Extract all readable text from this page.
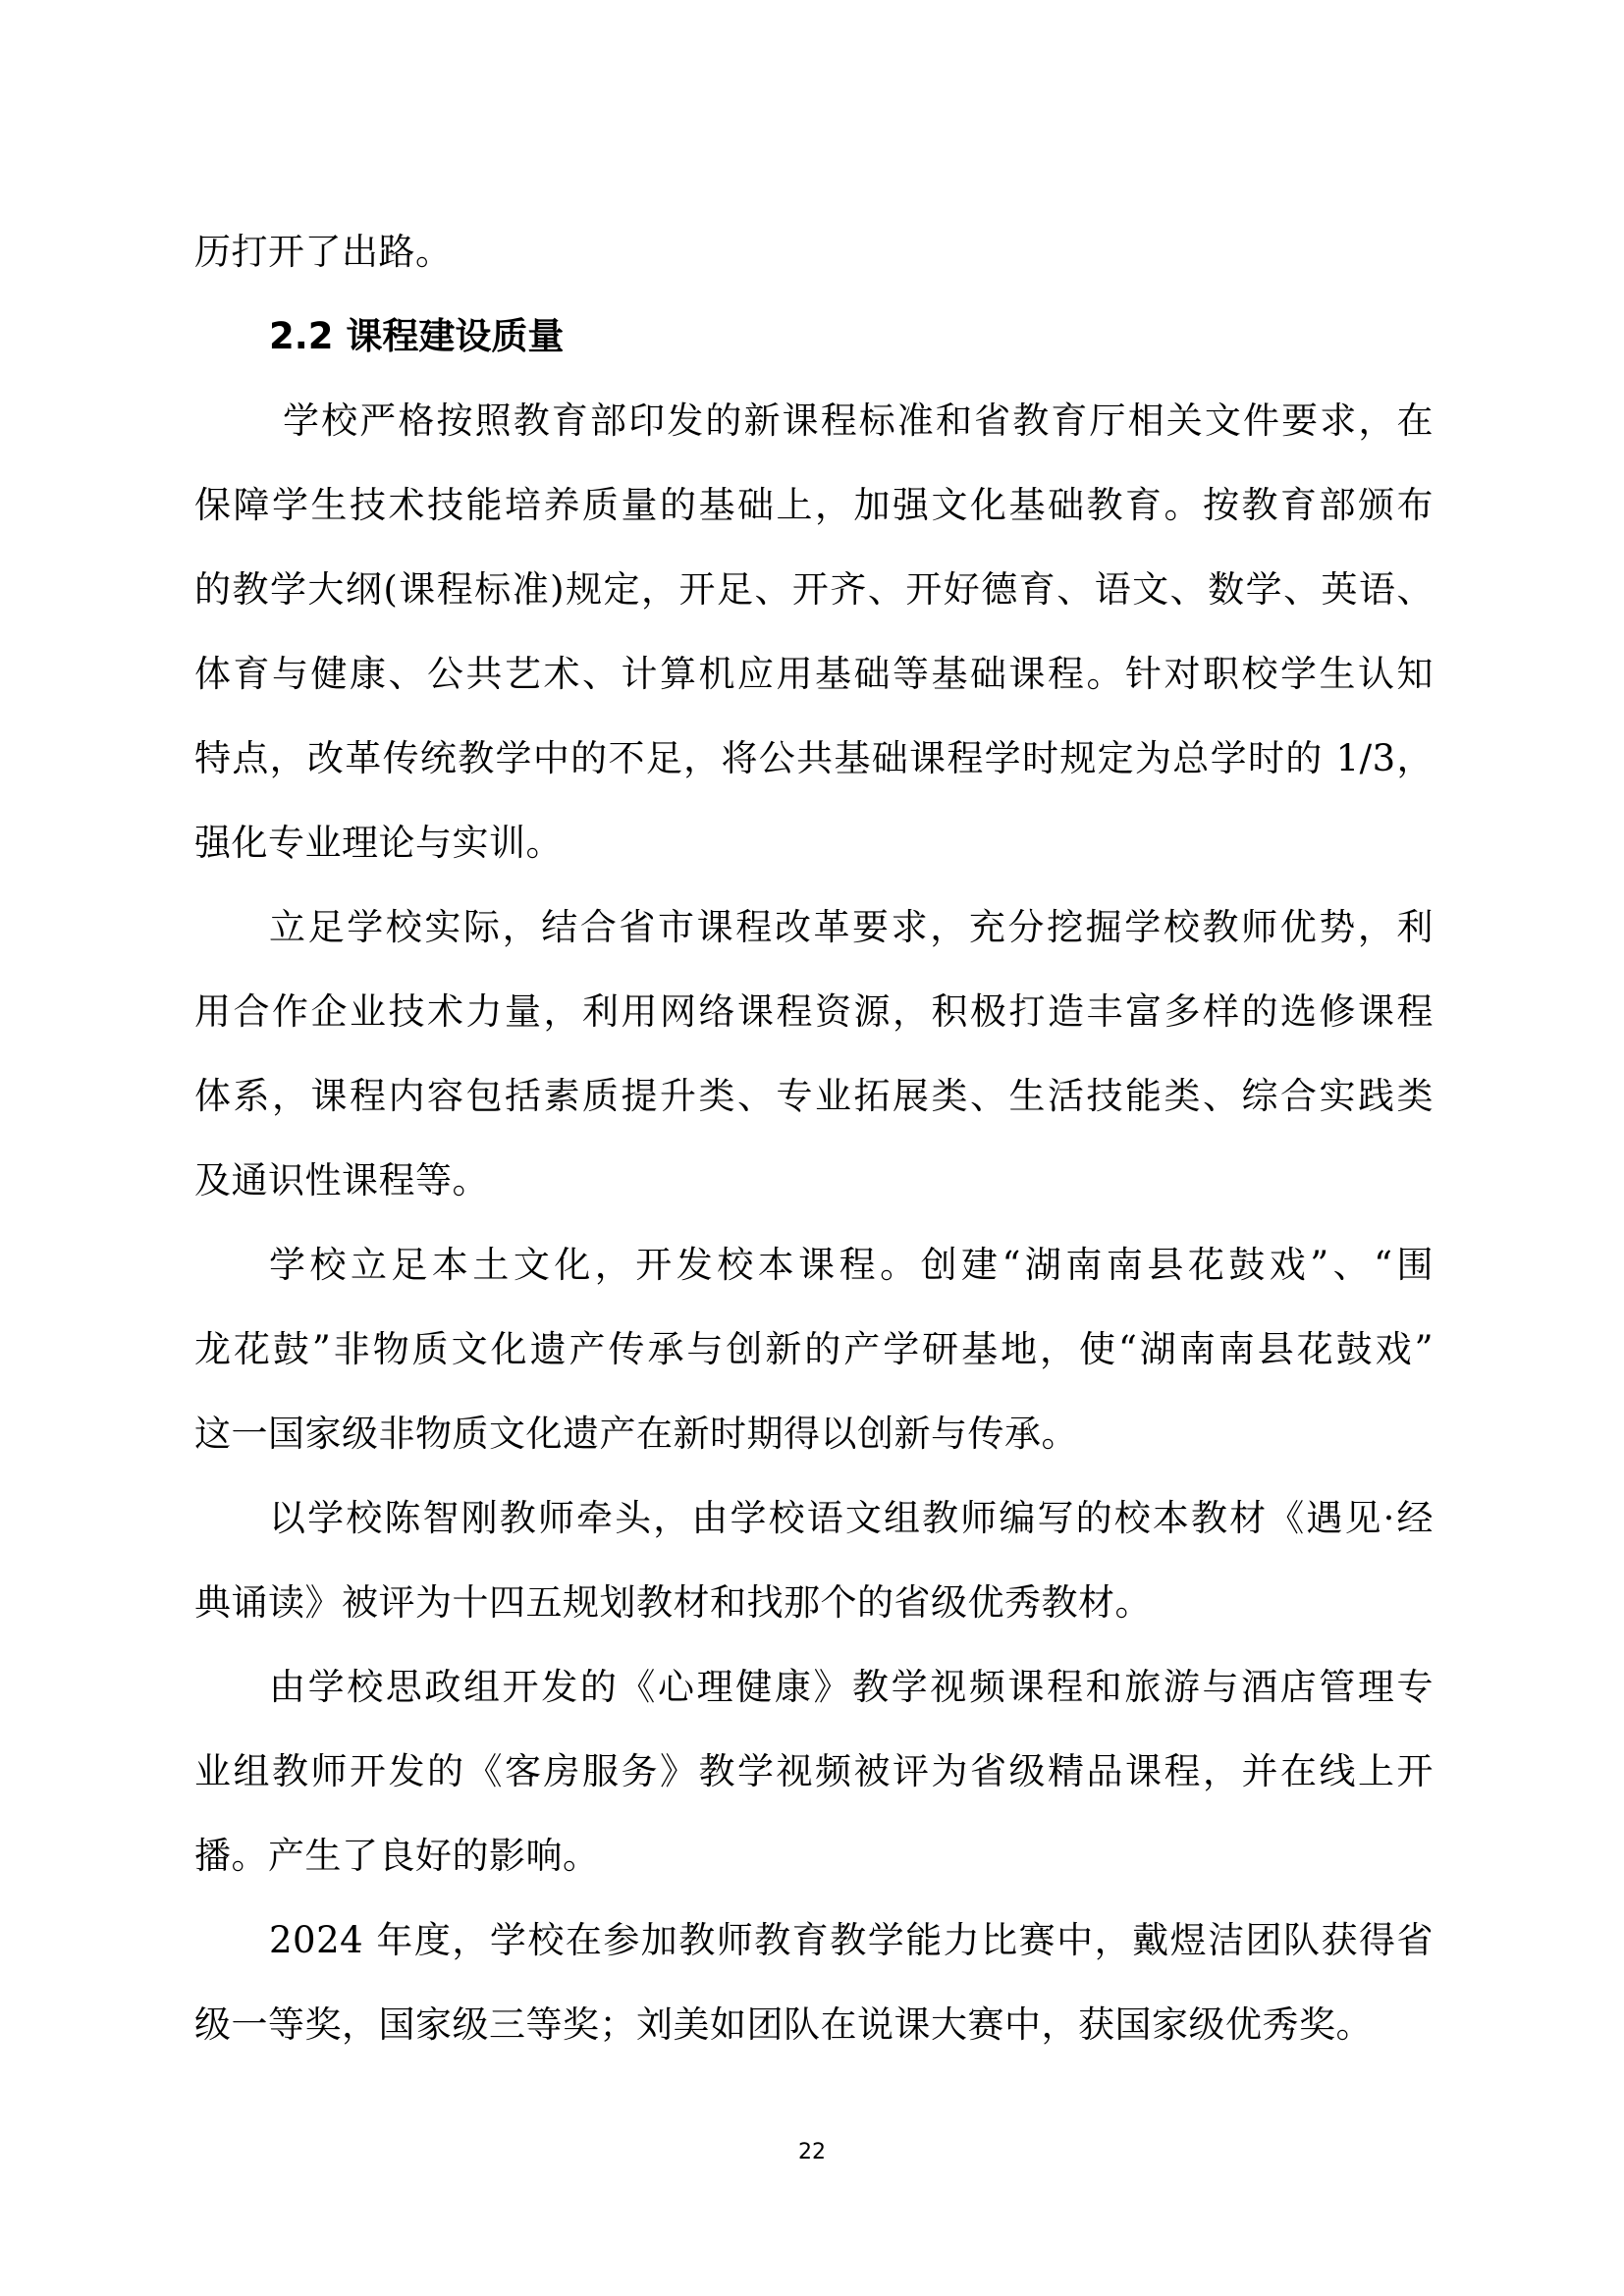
历打开了出路。
2.2 课程建设质量
学校严格按照教育部印发的新课程标准和省教育厅相关文件要求，在
保障学生技术技能培养质量的基础上，加强文化基础教育。按教育部颁布
的教学大纲(课程标准)规定，开足、开齐、开好德育、语文、数学、英语、
体育与健康、公共艺术、计算机应用基础等基础课程。针对职校学生认知
特点，改革传统教学中的不足，将公共基础课程学时规定为总学时的 1/3，
强化专业理论与实训。
立足学校实际，结合省市课程改革要求，充分挖掘学校教师优势，利
用合作企业技术力量，利用网络课程资源，积极打造丰富多样的选修课程
体系，课程内容包括素质提升类、专业拓展类、生活技能类、综合实践类
及通识性课程等。
学校立足本土文化，开发校本课程。创建“湖南南县花鼓戏”、“围
龙花鼓”非物质文化遗产传承与创新的产学研基地，使“湖南南县花鼓戏”
这一国家级非物质文化遗产在新时期得以创新与传承。
以学校陈智刚教师牵头，由学校语文组教师编写的校本教材《遇见·经
典诵读》被评为十四五规划教材和找那个的省级优秀教材。
由学校思政组开发的《心理健康》教学视频课程和旅游与酒店管理专
业组教师开发的《客房服务》教学视频被评为省级精品课程，并在线上开
播。产生了良好的影响。
2024 年度，学校在参加教师教育教学能力比赛中，戴煜洁团队获得省
级一等奖，国家级三等奖；刘美如团队在说课大赛中，获国家级优秀奖。
22
